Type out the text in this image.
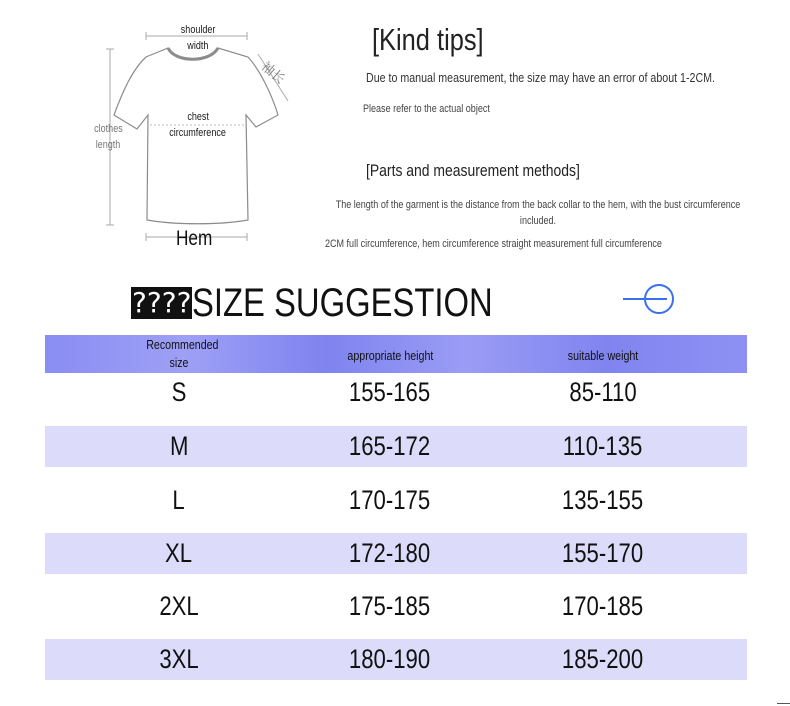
shoulder
width
袖长
chest
circumference
clothes
length
Hem
[Kind tips]
Due to manual measurement, the size may have an error of about 1-2CM.
Please refer to the actual object
[Parts and measurement methods]
The length of the garment is the distance from the back collar to the hem, with the bust circumference included.
2CM full circumference, hem circumference straight measurement full circumference
???? SIZE SUGGESTION
Recommended size	appropriate height	suitable weight
S	155-165	85-110
M	165-172	110-135
L	170-175	135-155
XL	172-180	155-170
2XL	175-185	170-185
3XL	180-190	185-200
